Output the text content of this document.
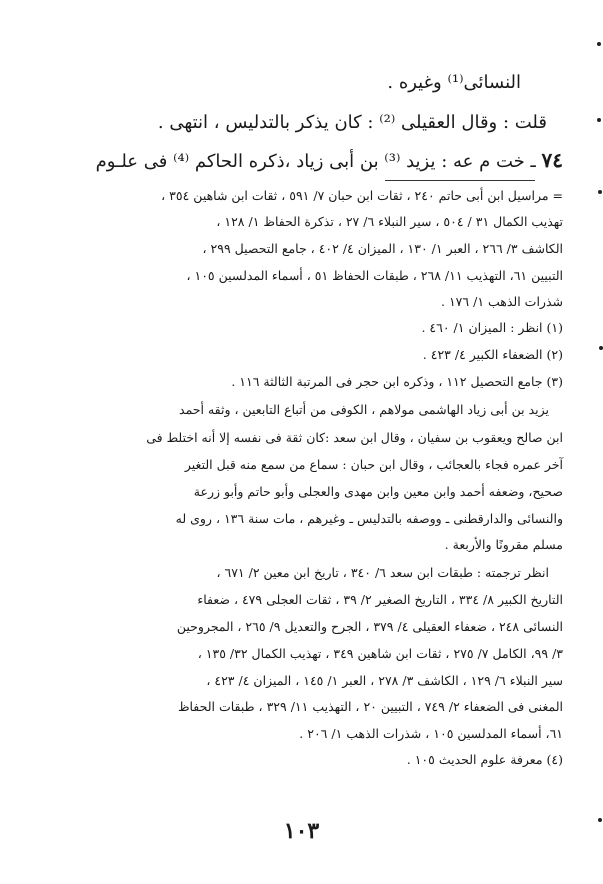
النسائى⁽¹⁾ وغيره .
قلت : وقال العقيلى ⁽²⁾ : كان يذكر بالتدليس ، انتهى .
٧٤ ـ خت م عه : يزيد ⁽³⁾ بن أبى زياد ،ذكره الحاكم ⁽⁴⁾ فى علـوم
= مراسيل ابن أبى حاتم ٢٤٠ ، ثقات ابن حبان ٧/ ٥٩١ ، ثقات ابن شاهين ٣٥٤ ،
تهذيب الكمال ٣١ / ٥٠٤ ، سير النبلاء ٦/ ٢٧ ، تذكرة الحفاظ ١/ ١٢٨ ،
الكاشف ٣/ ٢٦٦ ، العبر ١/ ١٣٠ ، الميزان ٤/ ٤٠٢ ، جامع التحصيل ٢٩٩ ،
التبيين ٦١، التهذيب ١١/ ٢٦٨ ، طبقات الحفاظ ٥١ ، أسماء المدلسين ١٠٥ ،
شذرات الذهب ١/ ١٧٦ .
(١) انظر : الميزان ١/ ٤٦٠ .
(٢) الضعفاء الكبير ٤/ ٤٢٣ .
(٣) جامع التحصيل ١١٢ ، وذكره ابن حجر فى المرتبة الثالثة ١١٦ .
يزيد بن أبى زياد الهاشمى مولاهم ، الكوفى من أتباع التابعين ، وثقه أحمد
ابن صالح ويعقوب بن سفيان ، وقال ابن سعد :كان ثقة فى نفسه إلا أنه اختلط فى
آخر عمره فجاء بالعجائب ، وقال ابن حبان : سماع من سمع منه قبل التغير
صحيح، وضعفه أحمد وابن معين وابن مهدى والعجلى وأبو حاتم وأبو زرعة
والنسائى والدارقطنى ـ ووصفه بالتدليس ـ وغيرهم ، مات سنة ١٣٦ ، روى له
مسلم مقرونًا والأربعة .
انظر ترجمته : طبقات ابن سعد ٦/ ٣٤٠ ، تاريخ ابن معين ٢/ ٦٧١ ،
التاريخ الكبير ٨/ ٣٣٤ ، التاريخ الصغير ٢/ ٣٩ ، ثقات العجلى ٤٧٩ ، ضعفاء
النسائى ٢٤٨ ، ضعفاء العقيلى ٤/ ٣٧٩ ، الجرح والتعديل ٩/ ٢٦٥ ، المجروحين
٣/ ٩٩، الكامل ٧/ ٢٧٥ ، ثقات ابن شاهين ٣٤٩ ، تهذيب الكمال ٣٢/ ١٣٥ ،
سير النبلاء ٦/ ١٢٩ ، الكاشف ٣/ ٢٧٨ ، العبر ١/ ١٤٥ ، الميزان ٤/ ٤٢٣ ،
المغنى فى الضعفاء ٢/ ٧٤٩ ، التبيين ٢٠ ، التهذيب ١١/ ٣٢٩ ، طبقات الحفاظ
٦١، أسماء المدلسين ١٠٥ ، شذرات الذهب ١/ ٢٠٦ .
(٤) معرفة علوم الحديث ١٠٥ .
١٠٣
